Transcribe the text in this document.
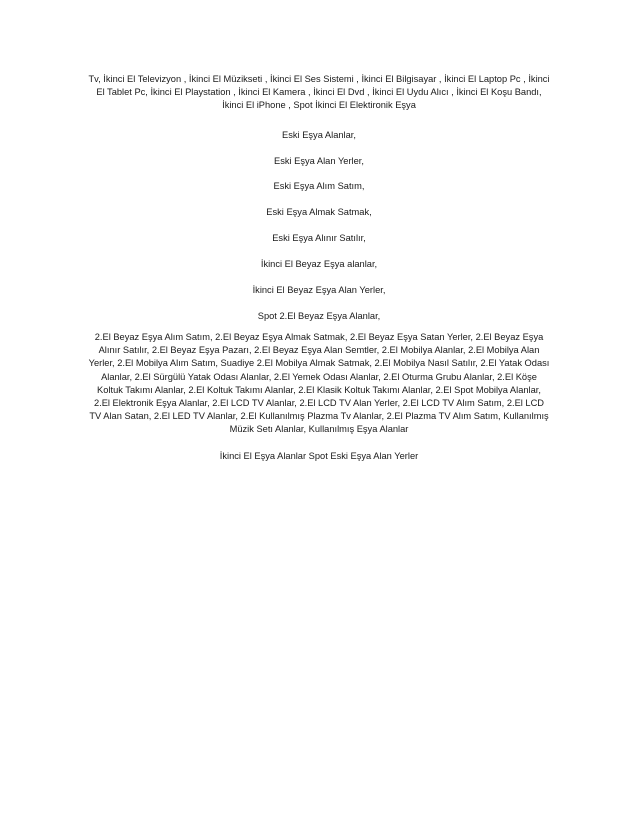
Tv, İkinci El Televizyon , İkinci El Müzikseti , İkinci El Ses Sistemi , İkinci El Bilgisayar , İkinci El Laptop Pc , İkinci El Tablet Pc, İkinci El Playstation , İkinci El Kamera , İkinci El Dvd , İkinci El Uydu Alıcı , İkinci El Koşu Bandı, İkinci El iPhone , Spot İkinci El Elektironik Eşya

Eski Eşya Alanlar,
Eski Eşya Alan Yerler,
Eski Eşya Alım Satım,
Eski Eşya Almak Satmak,
Eski Eşya Alınır Satılır,
İkinci El Beyaz Eşya alanlar,
İkinci El Beyaz Eşya Alan Yerler,
Spot 2.El Beyaz Eşya Alanlar,

2.El Beyaz Eşya Alım Satım, 2.El Beyaz Eşya Almak Satmak, 2.El Beyaz Eşya Satan Yerler, 2.El Beyaz Eşya Alınır Satılır, 2.El Beyaz Eşya Pazarı, 2.El Beyaz Eşya Alan Semtler, 2.El Mobilya Alanlar, 2.El Mobilya Alan Yerler, 2.El Mobilya Alım Satım, Suadiye 2.El Mobilya Almak Satmak, 2.El Mobilya Nasıl Satılır, 2.El Yatak Odası Alanlar, 2.El Sürgülü Yatak Odası Alanlar, 2.El Yemek Odası Alanlar, 2.El Oturma Grubu Alanlar, 2.El Köşe Koltuk Takımı Alanlar, 2.El Koltuk Takımı Alanlar, 2.El Klasik Koltuk Takımı Alanlar, 2.El Spot Mobilya Alanlar, 2.El Elektronik Eşya Alanlar, 2.El LCD TV Alanlar, 2.El LCD TV Alan Yerler, 2.El LCD TV Alım Satım, 2.El LCD TV Alan Satan, 2.El LED TV Alanlar, 2.El Kullanılmış Plazma Tv Alanlar, 2.El Plazma TV Alım Satım, Kullanılmış Müzik Setı Alanlar, Kullanılmış Eşya Alanlar

İkinci El Eşya Alanlar Spot Eski Eşya Alan Yerler
